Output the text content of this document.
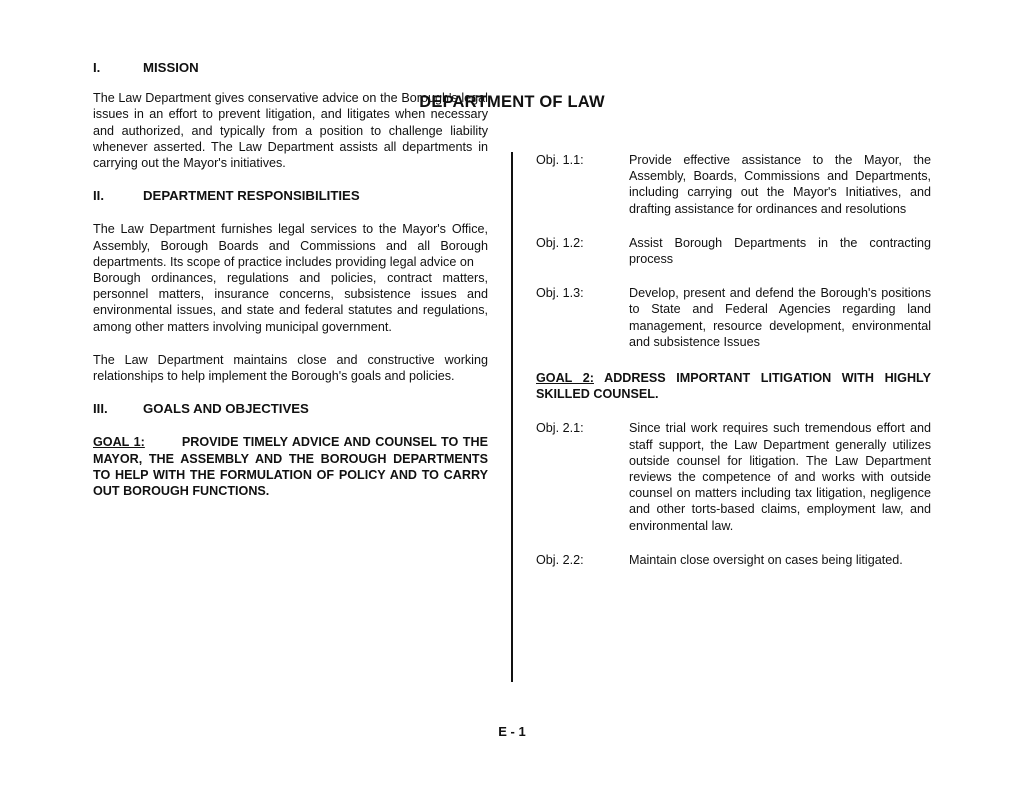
DEPARTMENT OF LAW
I.	MISSION

The Law Department gives conservative advice on the Borough's legal issues in an effort to prevent litigation, and litigates when necessary and authorized, and typically from a position to challenge liability whenever asserted. The Law Department assists all departments in carrying out the Mayor's initiatives.

II.	DEPARTMENT RESPONSIBILITIES

The Law Department furnishes legal services to the Mayor's Office, Assembly, Borough Boards and Commissions and all Borough departments. Its scope of practice includes providing legal advice on

Borough ordinances, regulations and policies, contract matters, personnel matters, insurance concerns, subsistence issues and environmental issues, and state and federal statutes and regulations, among other matters involving municipal government.

The Law Department maintains close and constructive working relationships to help implement the Borough's goals and policies.

III.	GOALS AND OBJECTIVES

GOAL 1:	PROVIDE TIMELY ADVICE AND COUNSEL TO THE MAYOR, THE ASSEMBLY AND THE BOROUGH DEPARTMENTS TO HELP WITH THE FORMULATION OF POLICY AND TO CARRY OUT BOROUGH FUNCTIONS.

Obj. 1.1:	Provide effective assistance to the Mayor, the Assembly, Boards, Commissions and Departments, including carrying out the Mayor's Initiatives, and drafting assistance for ordinances and resolutions
Obj. 1.2:	Assist Borough Departments in the contracting process
Obj. 1.3:	Develop, present and defend the Borough's positions to State and Federal Agencies regarding land management, resource development, environmental and subsistence Issues

GOAL 2: ADDRESS IMPORTANT LITIGATION WITH HIGHLY SKILLED COUNSEL.

Obj. 2.1:	Since trial work requires such tremendous effort and staff support, the Law Department generally utilizes outside counsel for litigation. The Law Department reviews the competence of and works with outside counsel on matters including tax litigation, negligence and other torts-based claims, employment law, and environmental law.
Obj. 2.2:	Maintain close oversight on cases being litigated.
E - 1
